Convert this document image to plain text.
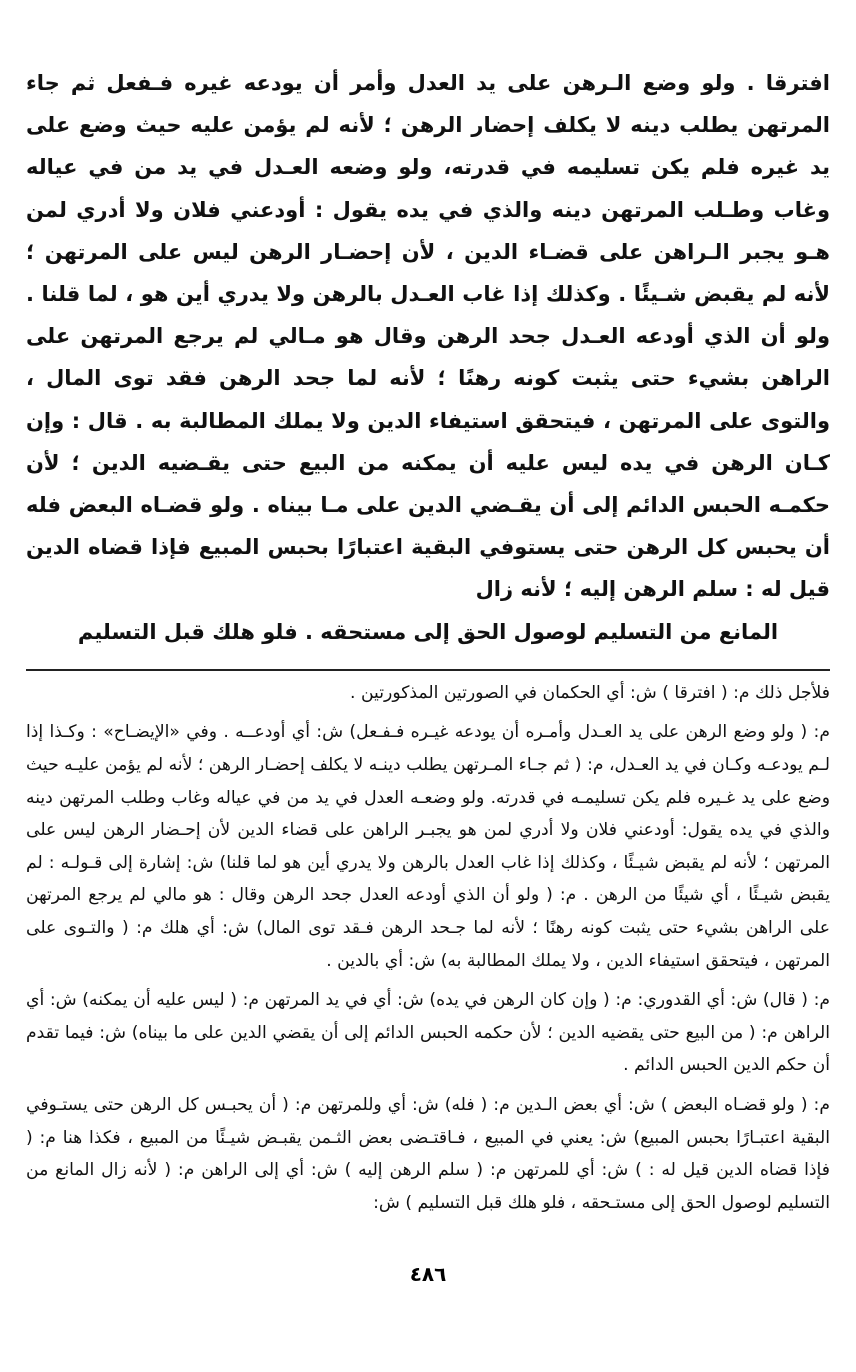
افترقا . ولو وضع الـرهن على يد العدل وأمر أن يودعه غيره فـفعل ثم جاء المرتهن يطلب دينه لا يكلف إحضار الرهن ؛ لأنه لم يؤمن عليه حيث وضع على يد غيره فلم يكن تسليمه في قدرته، ولو وضعه العـدل في يد من في عياله وغاب وطـلب المرتهن دينه والذي في يده يقول : أودعني فلان ولا أدري لمن هـو يجبر الـراهن على قضـاء الدين ، لأن إحضـار الرهن ليس على المرتهن ؛ لأنه لم يقبض شـيئًا . وكذلك إذا غاب العـدل بالرهن ولا يدري أين هو ، لما قلنا . ولو أن الذي أودعه العـدل جحد الرهن وقال هو مـالي لم يرجع المرتهن على الراهن بشيء حتى يثبت كونه رهنًا ؛ لأنه لما جحد الرهن فقد توى المال ، والتوى على المرتهن ، فيتحقق استيفاء الدين ولا يملك المطالبة به . قال : وإن كـان الرهن في يده ليس عليه أن يمكنه من البيع حتى يقـضيه الدين ؛ لأن حكمـه الحبس الدائم إلى أن يقـضي الدين على مـا بيناه . ولو قضـاه البعض فله أن يحبس كل الرهن حتى يستوفي البقية اعتبارًا بحبس المبيع فإذا قضاه الدين قيل له : سلم الرهن إليه ؛ لأنه زال
المانع من التسليم لوصول الحق إلى مستحقه . فلو هلك قبل التسليم

فلأجل ذلك م: ( افترقا ) ش: أي الحكمان في الصورتين المذكورتين .

م: ( ولو وضع الرهن على يد العـدل وأمـره أن يودعه غيـره فـفـعل) ش: أي أودعــه . وفي «الإيضـاح» : وكـذا إذا لـم يودعـه وكـان في يد العـدل، م: ( ثم جـاء المـرتهن يطلب دينـه لا يكلف إحضـار الرهن ؛ لأنه لم يؤمن عليـه حيث وضع على يد غـيره فلم يكن تسليمـه في قدرته. ولو وضعـه العدل في يد من في عياله وغاب وطلب المرتهن دينه والذي في يده يقول: أودعني فلان ولا أدري لمن هو يجبـر الراهن على قضاء الدين لأن إحـضار الرهن ليس على المرتهن ؛ لأنه لم يقبض شيـئًا ، وكذلك إذا غاب العدل بالرهن ولا يدري أين هو لما قلنا) ش: إشارة إلى قـولـه : لم يقبض شيـئًا ، أي شيئًا من الرهن . م: ( ولو أن الذي أودعه العدل جحد الرهن وقال : هو مالي لم يرجع المرتهن على الراهن بشيء حتى يثبت كونه رهنًا ؛ لأنه لما جـحد الرهن فـقد توى المال) ش: أي هلك م: ( والتـوى على المرتهن ، فيتحقق استيفاء الدين ، ولا يملك المطالبة به) ش: أي بالدين .

م: ( قال) ش: أي القدوري: م: ( وإن كان الرهن في يده) ش: أي في يد المرتهن م: ( ليس عليه أن يمكنه) ش: أي الراهن م: ( من البيع حتى يقضيه الدين ؛ لأن حكمه الحبس الدائم إلى أن يقضي الدين على ما بيناه) ش: فيما تقدم أن حكم الدين الحبس الدائم .

م: ( ولو قضـاه البعض ) ش: أي بعض الـدين م: ( فله) ش: أي وللمرتهن م: ( أن يحبـس كل الرهن حتى يستـوفي البقية اعتبـارًا بحبس المبيع) ش: يعني في المبيع ، فـاقتـضى بعض الثـمن يقبـض شيـئًا من المبيع ، فكذا هنا م: ( فإذا قضاه الدين قيل له : ) ش: أي للمرتهن م: ( سلم الرهن إليه ) ش: أي إلى الراهن م: ( لأنه زال المانع من التسليم لوصول الحق إلى مستـحقه ، فلو هلك قبل التسليم ) ش:

٤٨٦
